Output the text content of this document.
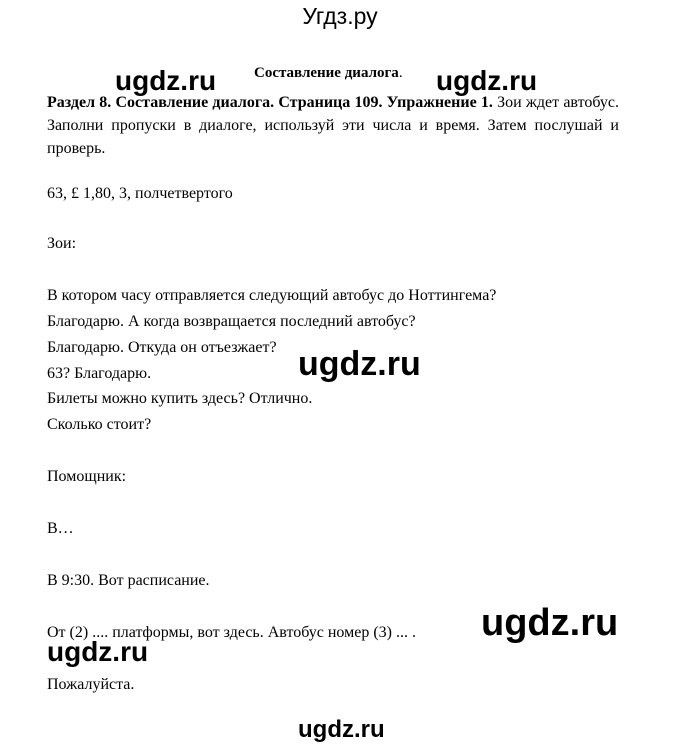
Угдз.ру
Составление диалога.
Раздел 8. Составление диалога. Страница 109. Упражнение 1. Зои ждет автобус. Заполни пропуски в диалоге, используй эти числа и время. Затем послушай и проверь.
63, £ 1,80, 3, полчетвертого
Зои:
В котором часу отправляется следующий автобус до Ноттингема?
Благодарю. А когда возвращается последний автобус?
Благодарю. Откуда он отъезжает?
63? Благодарю.
Билеты можно купить здесь? Отлично.
Сколько стоит?
Помощник:
В…
В 9:30. Вот расписание.
От (2) .... платформы, вот здесь. Автобус номер (3) ... .
Пожалуйста.
ugdz.ru	ugdz.ru
ugdz.ru
ugdz.ru
ugdz.ru
ugdz.ru
